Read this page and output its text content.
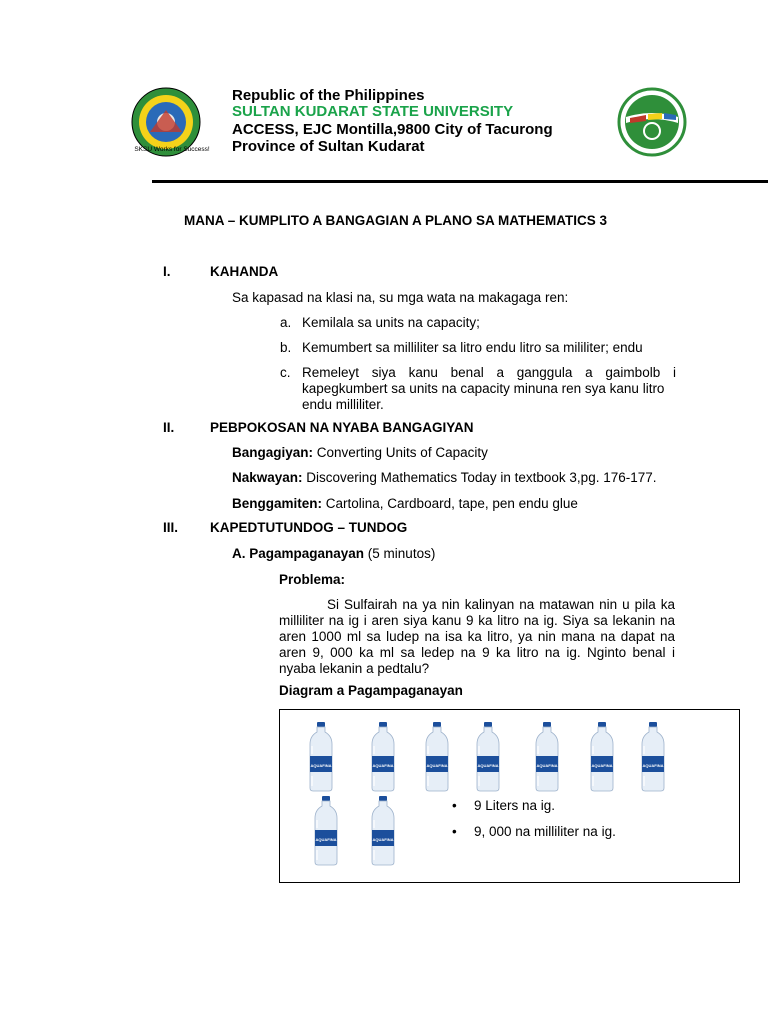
SKSU Works for Success!
Republic of the Philippines
SULTAN KUDARAT STATE UNIVERSITY
ACCESS, EJC Montilla,9800 City of Tacurong
Province of Sultan Kudarat
MANA – KUMPLITO A BANGAGIAN A PLANO SA MATHEMATICS 3
I.	KAHANDA
Sa kapasad na klasi na, su mga wata na makagaga ren:
a. Kemilala sa units na capacity;
b. Kemumbert sa milliliter sa litro endu litro sa mililiter; endu
c. Remeleyt siya kanu benal a ganggula a gaimbolb i
kapegkumbert sa units na capacity minuna ren sya kanu litro
endu milliliter.
II.	PEBPOKOSAN NA NYABA BANGAGIYAN
Bangagiyan: Converting Units of Capacity
Nakwayan: Discovering Mathematics Today in textbook 3,pg. 176-177.
Benggamiten: Cartolina, Cardboard, tape, pen endu glue
III. KAPEDTUTUNDOG – TUNDOG
A. Pagampaganayan (5 minutos)
Problema:
Si Sulfairah na ya nin kalinyan na matawan nin u pila ka
milliliter na ig i aren siya kanu 9 ka litro na ig. Siya sa lekanin na
aren 1000 ml sa ludep na isa ka litro, ya nin mana na dapat na
aren 9, 000 ka ml sa ledep na 9 ka litro na ig. Nginto benal i
nyaba lekanin a pedtalu?
Diagram a Pagampaganayan
AQUAFINA	AQUAFINA	AQUAFINA	AQUAFINA	AQUAFINA	AQUAFINA	AQUAFINA
AQUAFINA	AQUAFINA
• 9 Liters na ig.
• 9, 000 na milliliter na ig.
